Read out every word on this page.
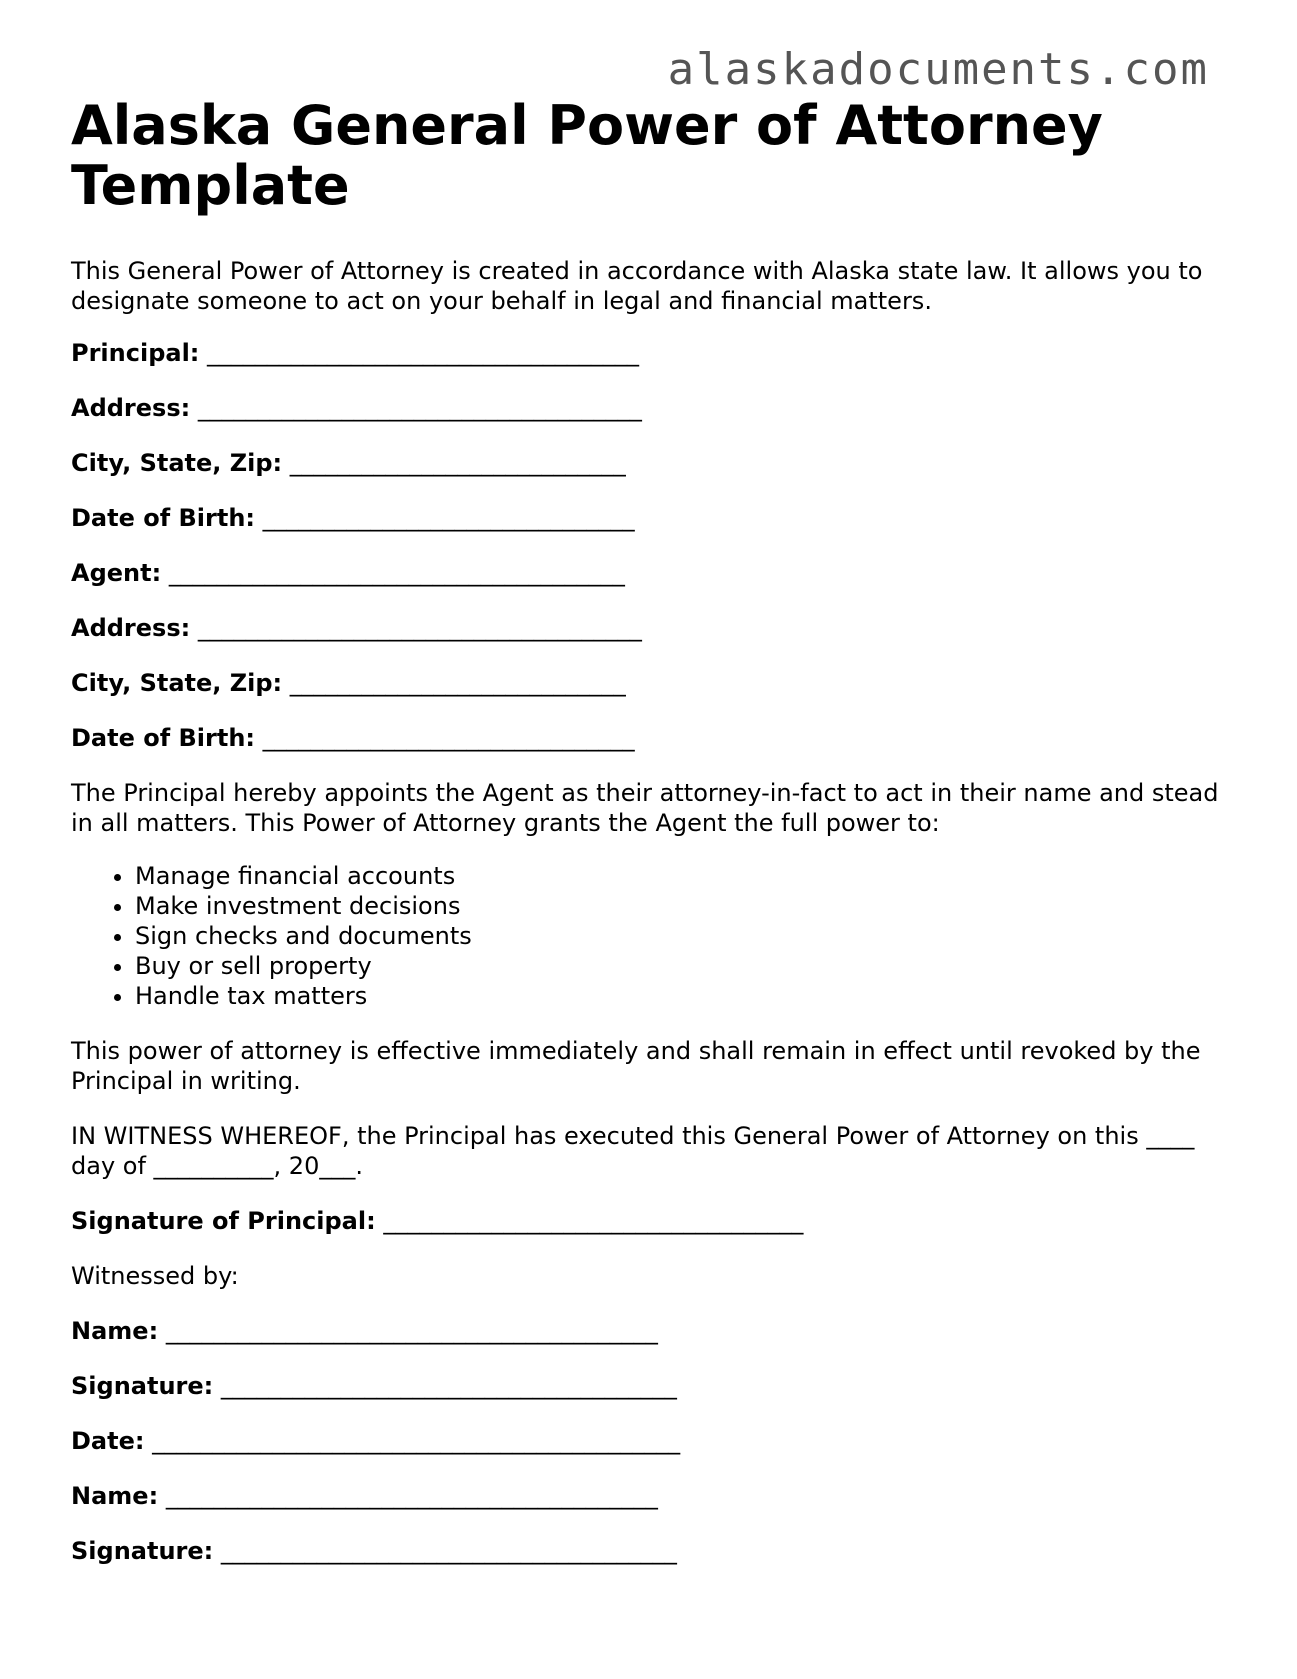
alaskadocuments.com
Alaska General Power of Attorney Template

This General Power of Attorney is created in accordance with Alaska state law. It allows you to designate someone to act on your behalf in legal and financial matters.

Principal: ____________________________________
Address: _____________________________________
City, State, Zip: ____________________________
Date of Birth: _______________________________
Agent: ______________________________________
Address: _____________________________________
City, State, Zip: ____________________________
Date of Birth: _______________________________

The Principal hereby appoints the Agent as their attorney-in-fact to act in their name and stead in all matters. This Power of Attorney grants the Agent the full power to:

• Manage financial accounts
• Make investment decisions
• Sign checks and documents
• Buy or sell property
• Handle tax matters

This power of attorney is effective immediately and shall remain in effect until revoked by the Principal in writing.

IN WITNESS WHEREOF, the Principal has executed this General Power of Attorney on this ____ day of __________, 20___.

Signature of Principal: ___________________________________

Witnessed by:

Name: _________________________________________
Signature: ______________________________________
Date: ____________________________________________
Name: _________________________________________
Signature: ______________________________________
